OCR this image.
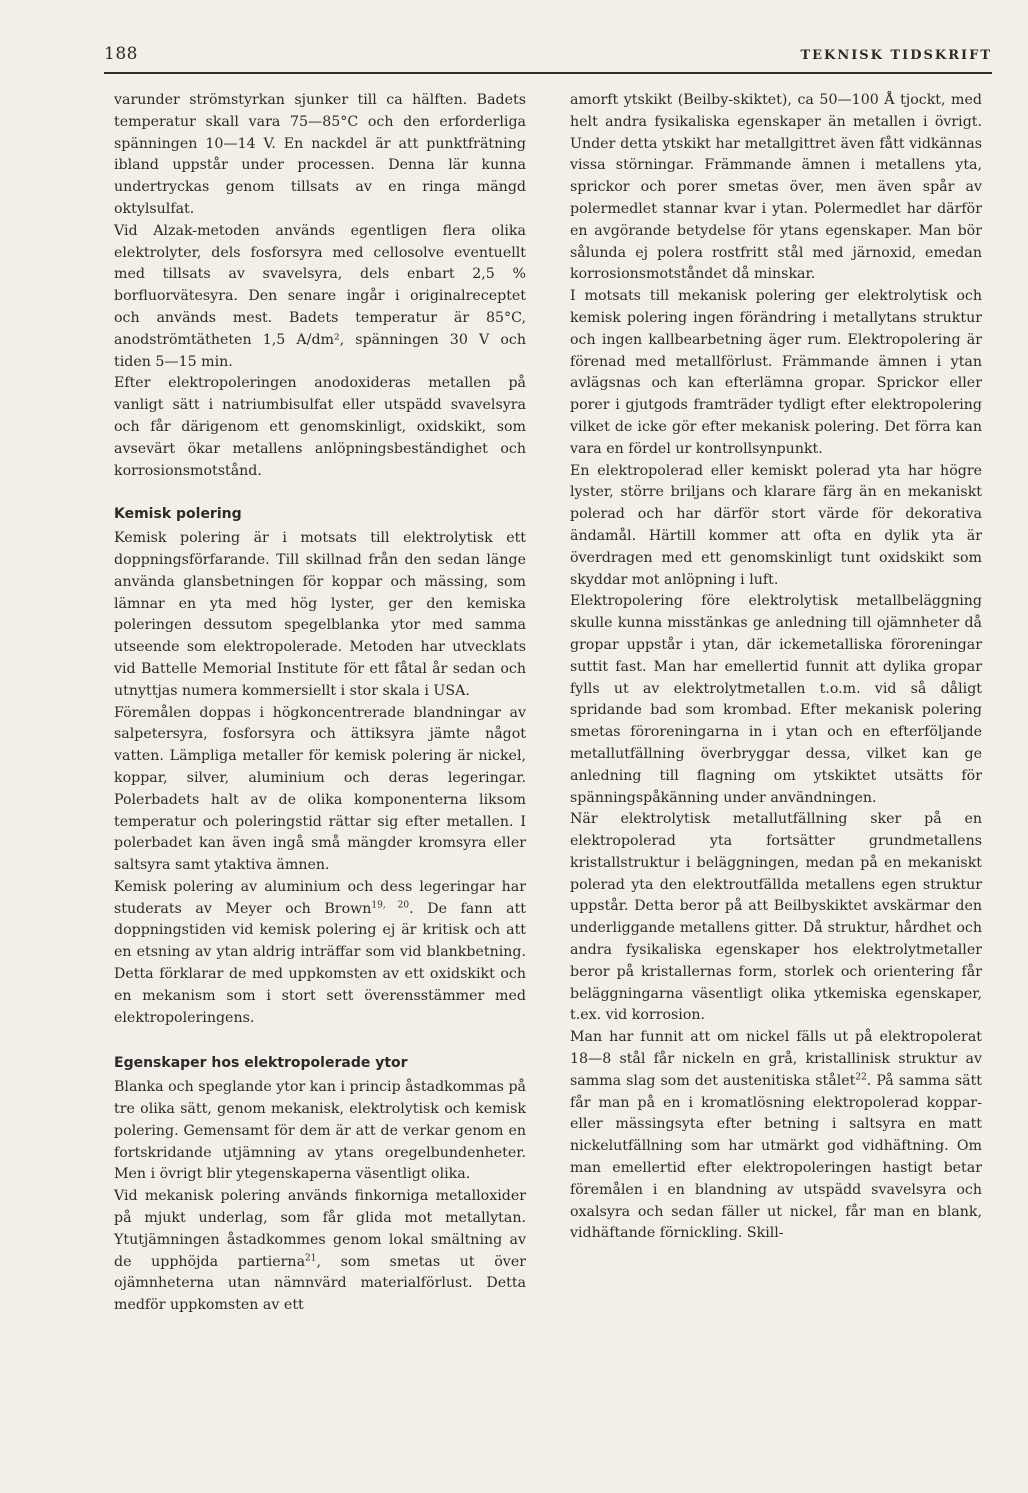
188	TEKNISK TIDSKRIFT

varunder strömstyrkan sjunker till ca hälften. Badets temperatur skall vara 75—85°C och den erforderliga spänningen 10—14 V. En nackdel är att punktfrätning ibland uppstår under processen. Denna lär kunna undertryckas genom tillsats av en ringa mängd oktylsulfat.

Vid Alzak-metoden används egentligen flera olika elektrolyter, dels fosforsyra med cellosolve eventuellt med tillsats av svavelsyra, dels enbart 2,5 % borfluorvätesyra. Den senare ingår i originalreceptet och används mest. Badets temperatur är 85°C, anodströmtätheten 1,5 A/dm², spänningen 30 V och tiden 5—15 min.

Efter elektropoleringen anodoxideras metallen på vanligt sätt i natriumbisulfat eller utspädd svavelsyra och får därigenom ett genomskinligt, oxidskikt, som avsevärt ökar metallens anlöpningsbeständighet och korrosionsmotstånd.

Kemisk polering

Kemisk polering är i motsats till elektrolytisk ett doppningsförfarande. Till skillnad från den sedan länge använda glansbetningen för koppar och mässing, som lämnar en yta med hög lyster, ger den kemiska poleringen dessutom spegelblanka ytor med samma utseende som elektropolerade. Metoden har utvecklats vid Battelle Memorial Institute för ett fåtal år sedan och utnyttjas numera kommersiellt i stor skala i USA.

Föremålen doppas i högkoncentrerade blandningar av salpetersyra, fosforsyra och ättiksyra jämte något vatten. Lämpliga metaller för kemisk polering är nickel, koppar, silver, aluminium och deras legeringar. Polerbadets halt av de olika komponenterna liksom temperatur och poleringstid rättar sig efter metallen. I polerbadet kan även ingå små mängder kromsyra eller saltsyra samt ytaktiva ämnen.

Kemisk polering av aluminium och dess legeringar har studerats av Meyer och Brown$^{19, 20}$. De fann att doppningstiden vid kemisk polering ej är kritisk och att en etsning av ytan aldrig inträffar som vid blankbetning. Detta förklarar de med uppkomsten av ett oxidskikt och en mekanism som i stort sett överensstämmer med elektropoleringens.

Egenskaper hos elektropolerade ytor

Blanka och speglande ytor kan i princip åstadkommas på tre olika sätt, genom mekanisk, elektrolytisk och kemisk polering. Gemensamt för dem är att de verkar genom en fortskridande utjämning av ytans oregelbundenheter. Men i övrigt blir ytegenskaperna väsentligt olika.

Vid mekanisk polering används finkorniga metalloxider på mjukt underlag, som får glida mot metallytan. Ytutjämningen åstadkommes genom lokal smältning av de upphöjda partierna$^{21}$, som smetas ut över ojämnheterna utan nämnvärd materialförlust. Detta medför uppkomsten av ett

amorft ytskikt (Beilby-skiktet), ca 50—100 Å tjockt, med helt andra fysikaliska egenskaper än metallen i övrigt. Under detta ytskikt har metallgittret även fått vidkännas vissa störningar. Främmande ämnen i metallens yta, sprickor och porer smetas över, men även spår av polermedlet stannar kvar i ytan. Polermedlet har därför en avgörande betydelse för ytans egenskaper. Man bör sålunda ej polera rostfritt stål med järnoxid, emedan korrosionsmotståndet då minskar.

I motsats till mekanisk polering ger elektrolytisk och kemisk polering ingen förändring i metallytans struktur och ingen kallbearbetning äger rum. Elektropolering är förenad med metallförlust. Främmande ämnen i ytan avlägsnas och kan efterlämna gropar. Sprickor eller porer i gjutgods framträder tydligt efter elektropolering vilket de icke gör efter mekanisk polering. Det förra kan vara en fördel ur kontrollsynpunkt.

En elektropolerad eller kemiskt polerad yta har högre lyster, större briljans och klarare färg än en mekaniskt polerad och har därför stort värde för dekorativa ändamål. Härtill kommer att ofta en dylik yta är överdragen med ett genomskinligt tunt oxidskikt som skyddar mot anlöpning i luft.

Elektropolering före elektrolytisk metallbeläggning skulle kunna misstänkas ge anledning till ojämnheter då gropar uppstår i ytan, där ickemetalliska föroreningar suttit fast. Man har emellertid funnit att dylika gropar fylls ut av elektrolytmetallen t.o.m. vid så dåligt spridande bad som krombad. Efter mekanisk polering smetas föroreningarna in i ytan och en efterföljande metallutfällning överbryggar dessa, vilket kan ge anledning till flagning om ytskiktet utsätts för spänningspåkänning under användningen.

När elektrolytisk metallutfällning sker på en elektropolerad yta fortsätter grundmetallens kristallstruktur i beläggningen, medan på en mekaniskt polerad yta den elektroutfällda metallens egen struktur uppstår. Detta beror på att Beilbyskiktet avskärmar den underliggande metallens gitter. Då struktur, hårdhet och andra fysikaliska egenskaper hos elektrolytmetaller beror på kristallernas form, storlek och orientering får beläggningarna väsentligt olika ytkemiska egenskaper, t.ex. vid korrosion.

Man har funnit att om nickel fälls ut på elektropolerat 18—8 stål får nickeln en grå, kristallinisk struktur av samma slag som det austenitiska stålet$^{22}$. På samma sätt får man på en i kromatlösning elektropolerad koppar- eller mässingsyta efter betning i saltsyra en matt nickelutfällning som har utmärkt god vidhäftning. Om man emellertid efter elektropoleringen hastigt betar föremålen i en blandning av utspädd svavelsyra och oxalsyra och sedan fäller ut nickel, får man en blank, vidhäftande förnickling. Skill-
